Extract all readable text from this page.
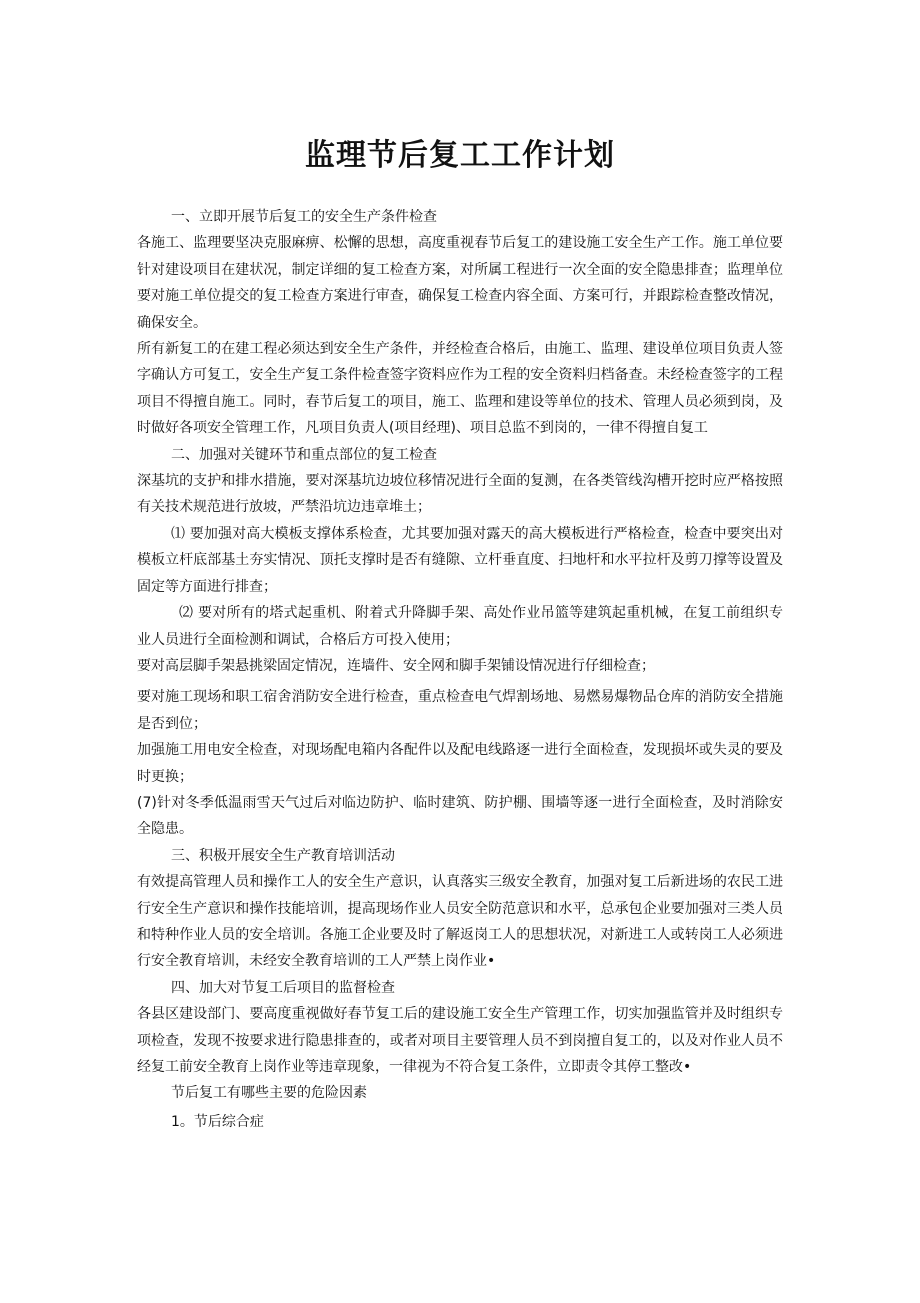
监理节后复工工作计划

一、立即开展节后复工的安全生产条件检查

各施工、监理要坚决克服麻痹、松懈的思想，高度重视春节后复工的建设施工安全生产工作。施工单位要针对建设项目在建状况，制定详细的复工检查方案，对所属工程进行一次全面的安全隐患排查；监理单位要对施工单位提交的复工检查方案进行审查，确保复工检查内容全面、方案可行，并跟踪检查整改情况，确保安全。

所有新复工的在建工程必须达到安全生产条件，并经检查合格后，由施工、监理、建设单位项目负责人签字确认方可复工，安全生产复工条件检查签字资料应作为工程的安全资料归档备查。未经检查签字的工程项目不得擅自施工。同时，春节后复工的项目，施工、监理和建设等单位的技术、管理人员必须到岗，及时做好各项安全管理工作，凡项目负责人(项目经理)、项目总监不到岗的，一律不得擅自复工

二、加强对关键环节和重点部位的复工检查

深基坑的支护和排水措施，要对深基坑边坡位移情况进行全面的复测，在各类管线沟槽开挖时应严格按照有关技术规范进行放坡，严禁沿坑边违章堆土；

⑴ 要加强对高大模板支撑体系检查，尤其要加强对露天的高大模板进行严格检查，检查中要突出对模板立杆底部基土夯实情况、顶托支撑时是否有缝隙、立杆垂直度、扫地杆和水平拉杆及剪刀撑等设置及固定等方面进行排查；

⑵ 要对所有的塔式起重机、附着式升降脚手架、高处作业吊篮等建筑起重机械，在复工前组织专业人员进行全面检测和调试，合格后方可投入使用；

要对高层脚手架悬挑梁固定情况，连墙件、安全网和脚手架铺设情况进行仔细检查；

要对施工现场和职工宿舍消防安全进行检查，重点检查电气焊割场地、易燃易爆物品仓库的消防安全措施是否到位；

加强施工用电安全检查，对现场配电箱内各配件以及配电线路逐一进行全面检查，发现损坏或失灵的要及时更换；

(7)针对冬季低温雨雪天气过后对临边防护、临时建筑、防护棚、围墙等逐一进行全面检查，及时消除安全隐患。

三、积极开展安全生产教育培训活动

有效提高管理人员和操作工人的安全生产意识，认真落实三级安全教育，加强对复工后新进场的农民工进行安全生产意识和操作技能培训，提高现场作业人员安全防范意识和水平，总承包企业要加强对三类人员和特种作业人员的安全培训。各施工企业要及时了解返岗工人的思想状况，对新进工人或转岗工人必须进行安全教育培训，未经安全教育培训的工人严禁上岗作业•

四、加大对节复工后项目的监督检查

各县区建设部门、要高度重视做好春节复工后的建设施工安全生产管理工作，切实加强监管并及时组织专项检查，发现不按要求进行隐患排查的，或者对项目主要管理人员不到岗擅自复工的，以及对作业人员不经复工前安全教育上岗作业等违章现象，一律视为不符合复工条件，立即责令其停工整改•

节后复工有哪些主要的危险因素

1。节后综合症
